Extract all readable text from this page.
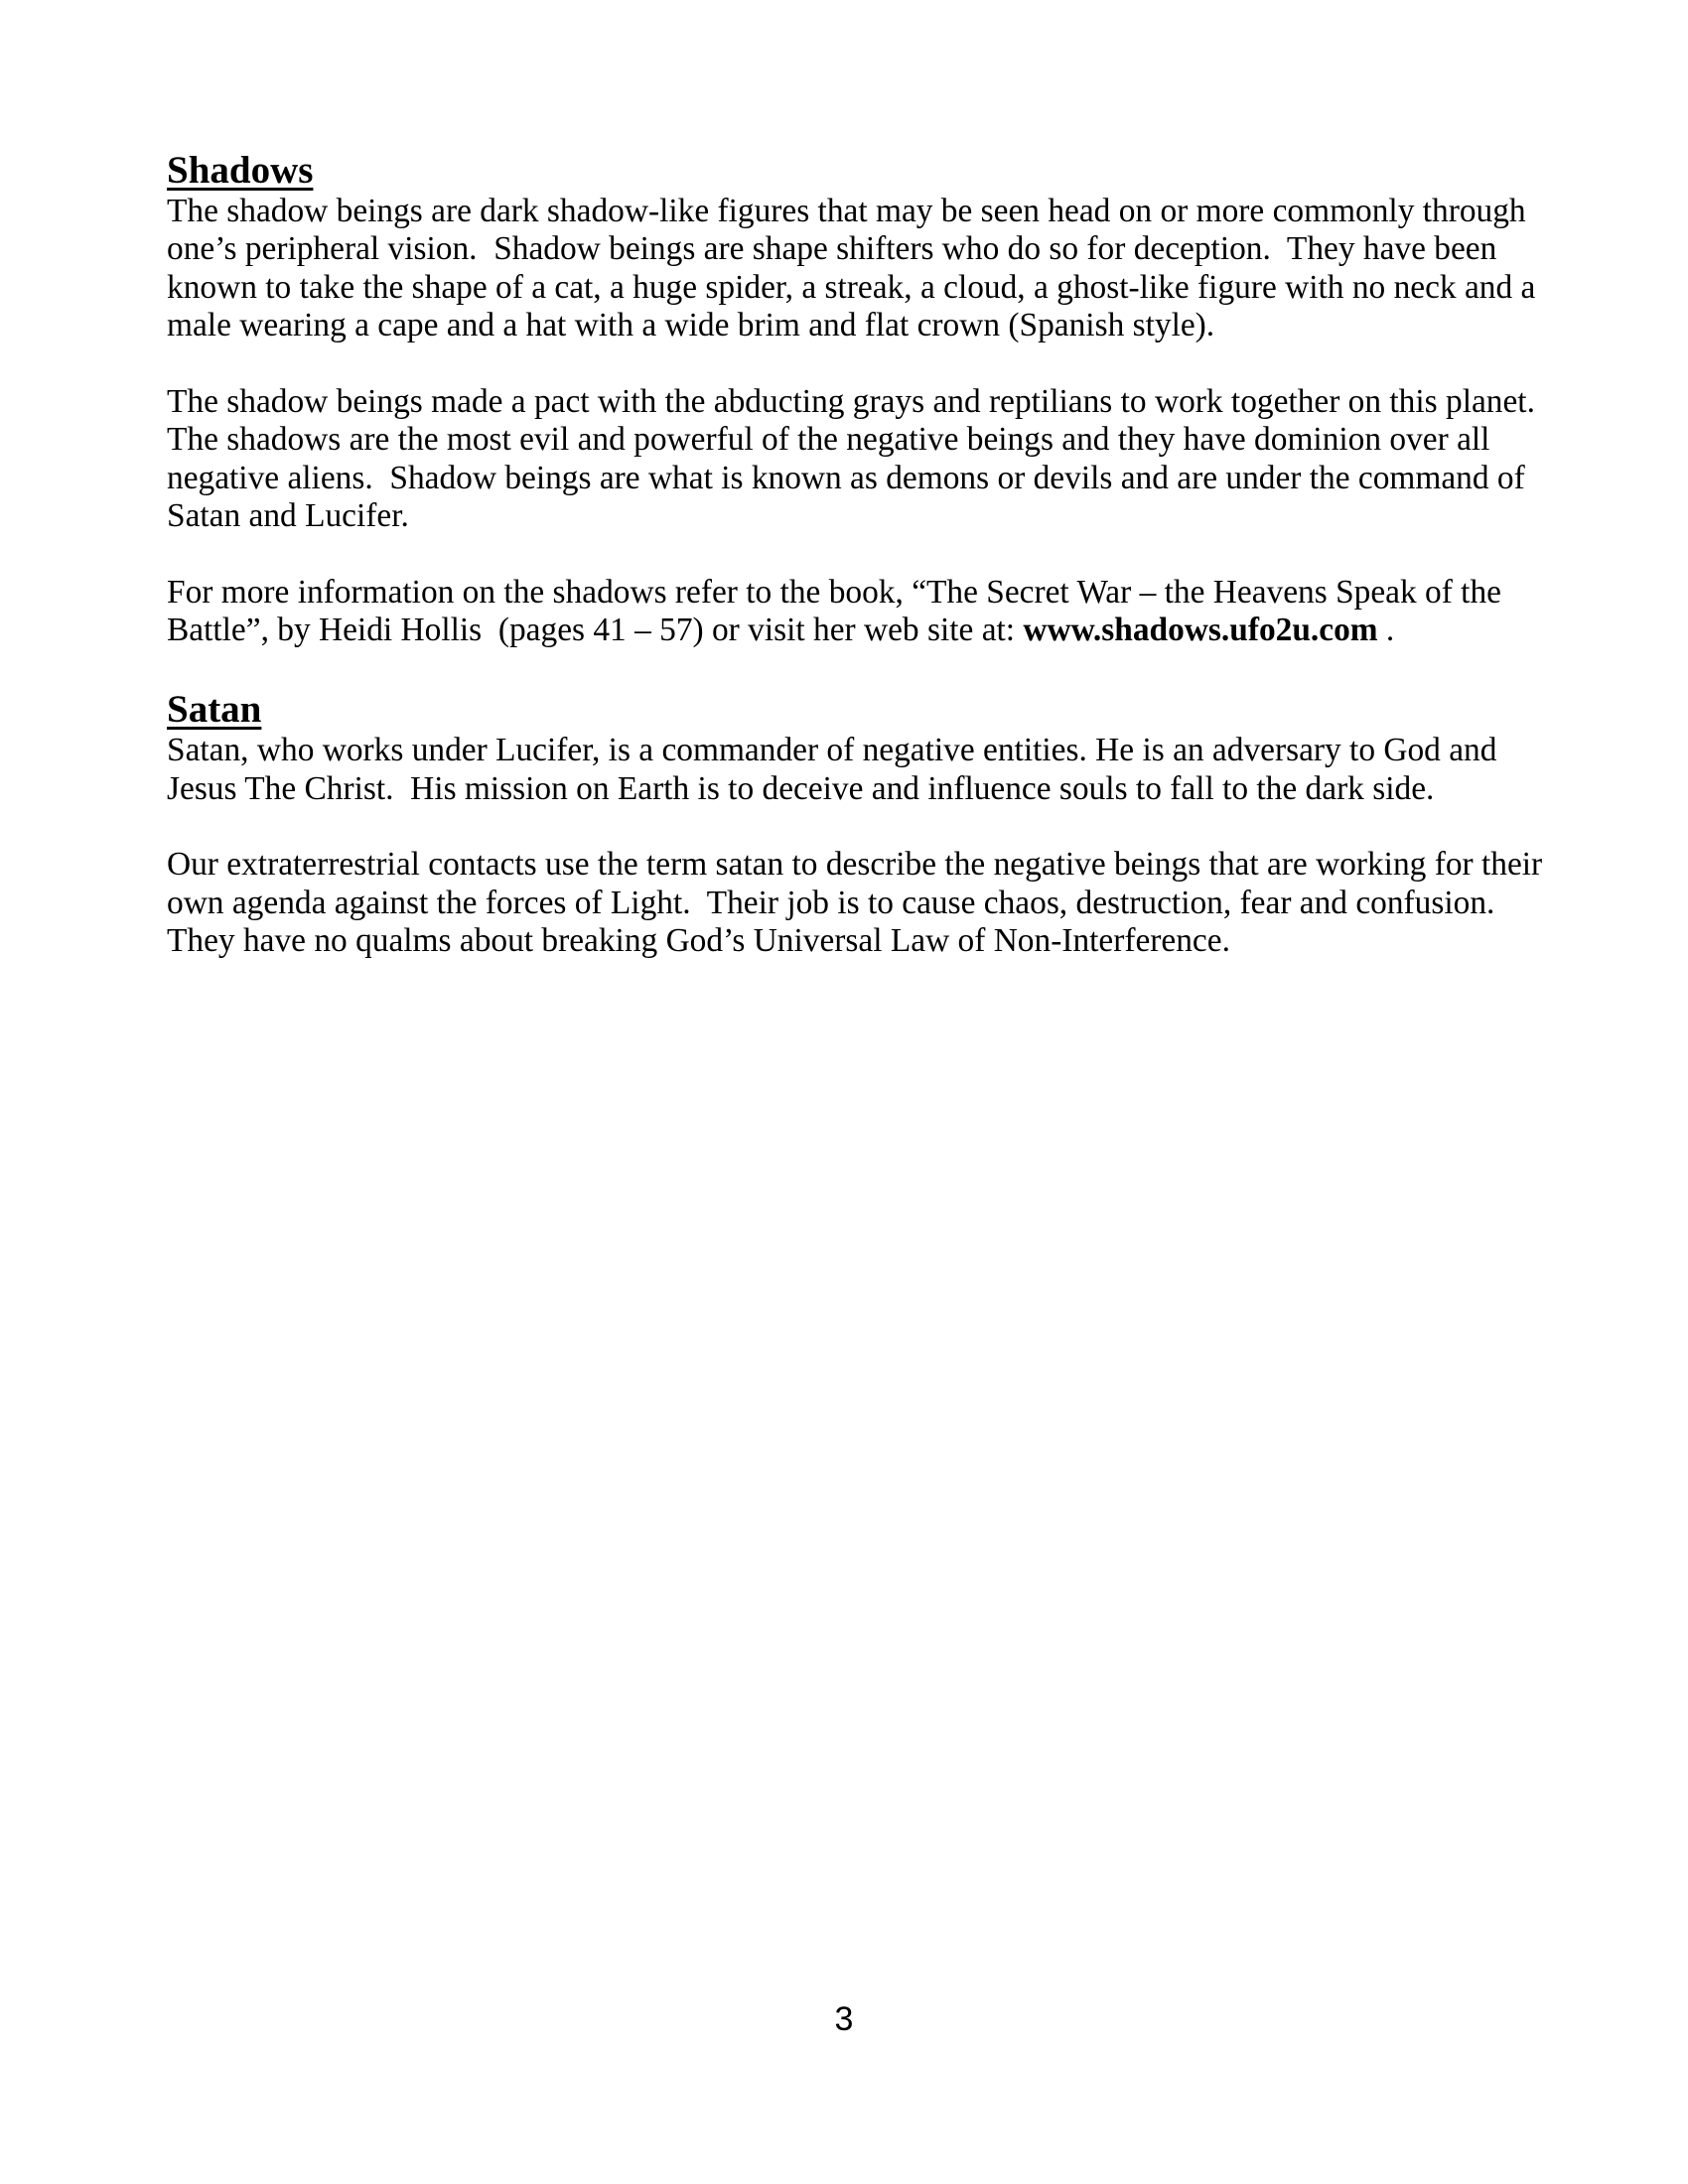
Shadows

The shadow beings are dark shadow-like figures that may be seen head on or more commonly through one’s peripheral vision.  Shadow beings are shape shifters who do so for deception.  They have been known to take the shape of a cat, a huge spider, a streak, a cloud, a ghost-like figure with no neck and a male wearing a cape and a hat with a wide brim and flat crown (Spanish style).

The shadow beings made a pact with the abducting grays and reptilians to work together on this planet. The shadows are the most evil and powerful of the negative beings and they have dominion over all negative aliens.  Shadow beings are what is known as demons or devils and are under the command of Satan and Lucifer.

For more information on the shadows refer to the book, “The Secret War – the Heavens Speak of the Battle”, by Heidi Hollis  (pages 41 – 57) or visit her web site at: www.shadows.ufo2u.com .

Satan

Satan, who works under Lucifer, is a commander of negative entities. He is an adversary to God and Jesus The Christ.  His mission on Earth is to deceive and influence souls to fall to the dark side.

Our extraterrestrial contacts use the term satan to describe the negative beings that are working for their own agenda against the forces of Light.  Their job is to cause chaos, destruction, fear and confusion. They have no qualms about breaking God’s Universal Law of Non-Interference.

3
